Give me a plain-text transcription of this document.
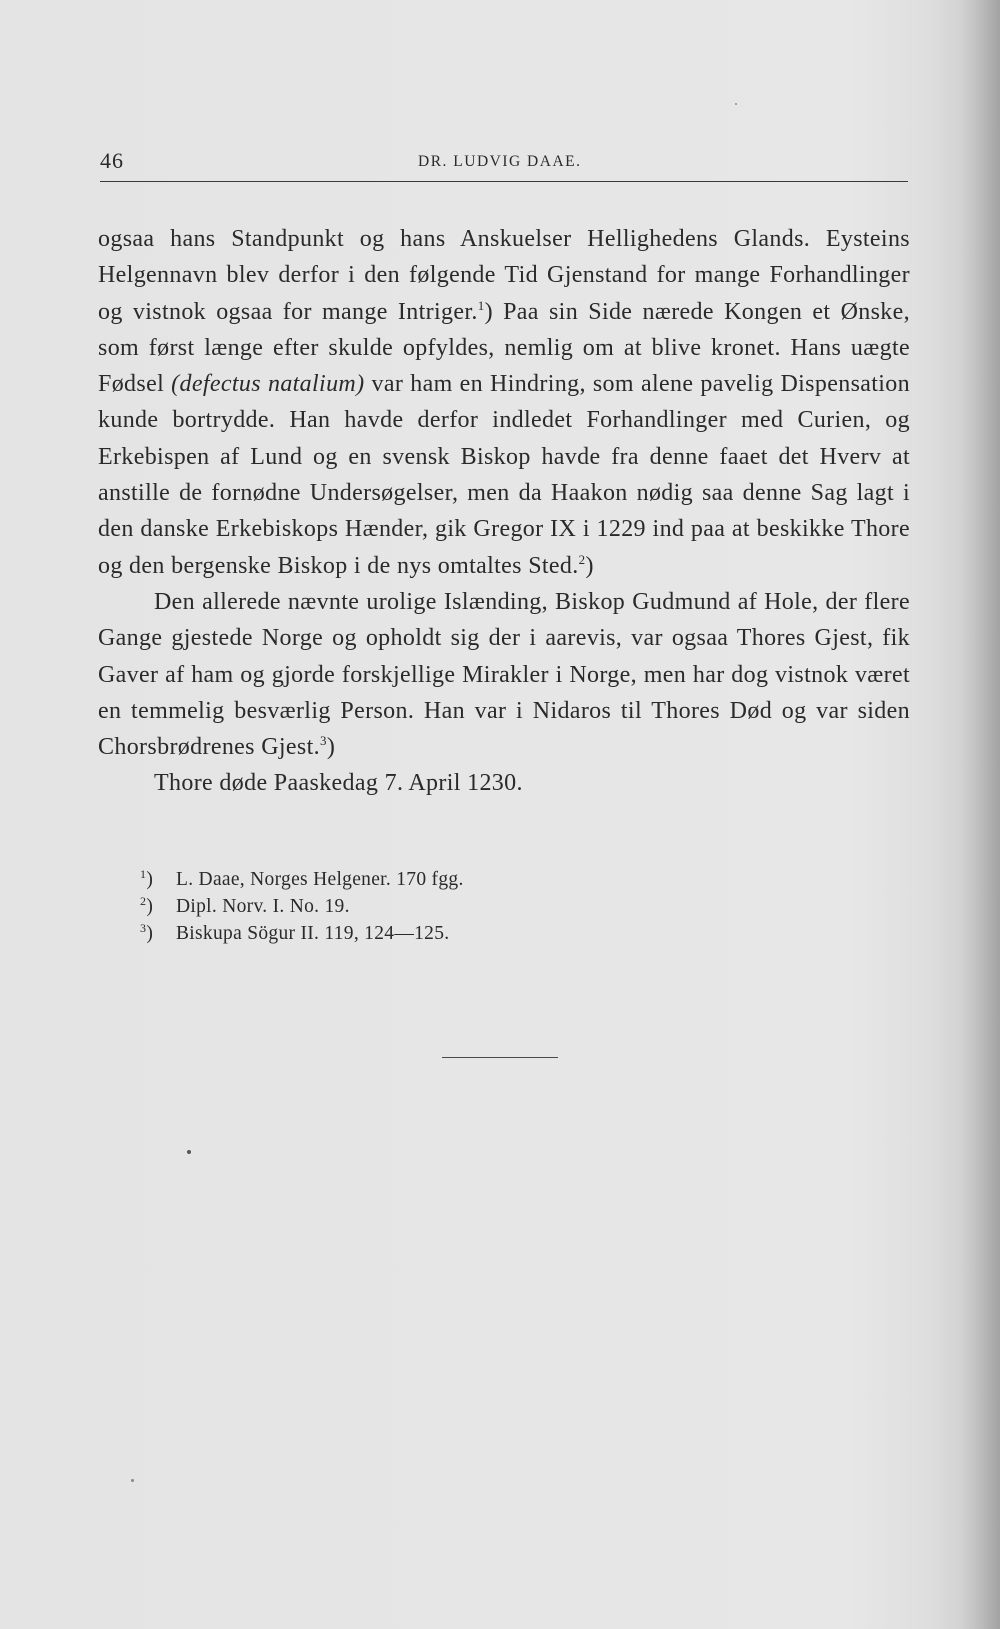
46	DR. LUDVIG DAAE.

ogsaa hans Standpunkt og hans Anskuelser Hellighedens Glands. Eysteins Helgennavn blev derfor i den følgende Tid Gjenstand for mange Forhandlinger og vistnok ogsaa for mange Intriger.$^1$) Paa sin Side nærede Kongen et Ønske, som først længe efter skulde opfyldes, nemlig om at blive kronet. Hans uægte Fødsel (defectus natalium) var ham en Hindring, som alene pavelig Dispensation kunde bortrydde. Han havde derfor indledet Forhandlinger med Curien, og Erkebispen af Lund og en svensk Biskop havde fra denne faaet det Hverv at anstille de fornødne Undersøgelser, men da Haakon nødig saa denne Sag lagt i den danske Erkebiskops Hænder, gik Gregor IX i 1229 ind paa at beskikke Thore og den bergenske Biskop i de nys omtaltes Sted.$^2$)

Den allerede nævnte urolige Islænding, Biskop Gudmund af Hole, der flere Gange gjestede Norge og opholdt sig der i aarevis, var ogsaa Thores Gjest, fik Gaver af ham og gjorde forskjellige Mirakler i Norge, men har dog vistnok været en temmelig besværlig Person. Han var i Nidaros til Thores Død og var siden Chorsbrødrenes Gjest.$^3$)

Thore døde Paaskedag 7. April 1230.

$^1$) L. Daae, Norges Helgener. 170 fgg.
$^2$) Dipl. Norv. I. No. 19.
$^3$) Biskupa Sögur II. 119, 124—125.
